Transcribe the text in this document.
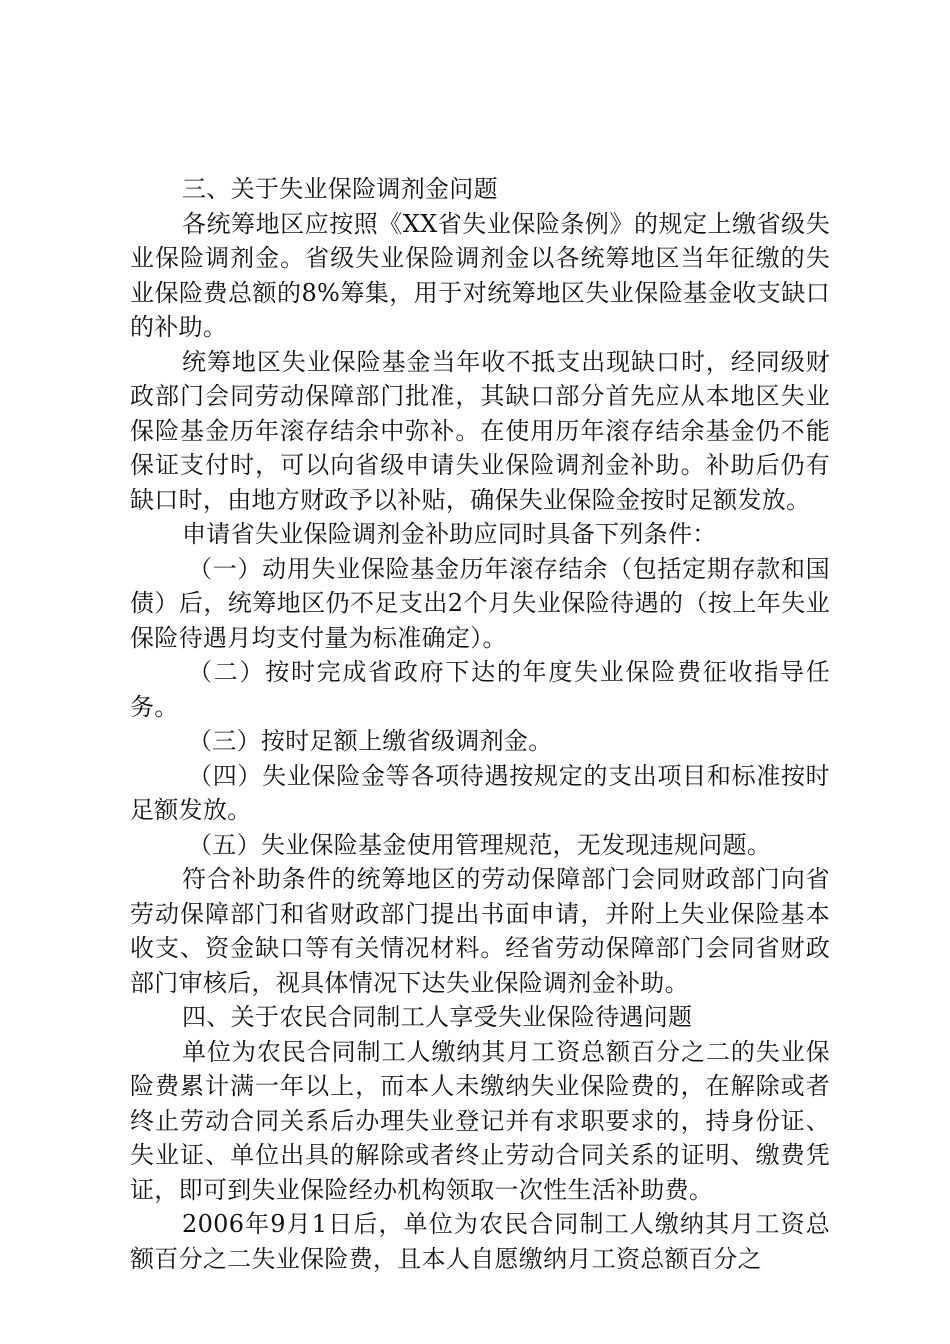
三、关于失业保险调剂金问题

各统筹地区应按照《XX省失业保险条例》的规定上缴省级失业保险调剂金。省级失业保险调剂金以各统筹地区当年征缴的失业保险费总额的8%筹集，用于对统筹地区失业保险基金收支缺口的补助。

统筹地区失业保险基金当年收不抵支出现缺口时，经同级财政部门会同劳动保障部门批准，其缺口部分首先应从本地区失业保险基金历年滚存结余中弥补。在使用历年滚存结余基金仍不能保证支付时，可以向省级申请失业保险调剂金补助。补助后仍有缺口时，由地方财政予以补贴，确保失业保险金按时足额发放。

申请省失业保险调剂金补助应同时具备下列条件：

（一）动用失业保险基金历年滚存结余（包括定期存款和国债）后，统筹地区仍不足支出2个月失业保险待遇的（按上年失业保险待遇月均支付量为标准确定）。

（二）按时完成省政府下达的年度失业保险费征收指导任务。

（三）按时足额上缴省级调剂金。

（四）失业保险金等各项待遇按规定的支出项目和标准按时足额发放。

（五）失业保险基金使用管理规范，无发现违规问题。

符合补助条件的统筹地区的劳动保障部门会同财政部门向省劳动保障部门和省财政部门提出书面申请，并附上失业保险基本收支、资金缺口等有关情况材料。经省劳动保障部门会同省财政部门审核后，视具体情况下达失业保险调剂金补助。

四、关于农民合同制工人享受失业保险待遇问题

单位为农民合同制工人缴纳其月工资总额百分之二的失业保险费累计满一年以上，而本人未缴纳失业保险费的，在解除或者终止劳动合同关系后办理失业登记并有求职要求的，持身份证、失业证、单位出具的解除或者终止劳动合同关系的证明、缴费凭证，即可到失业保险经办机构领取一次性生活补助费。

2006年9月1日后，单位为农民合同制工人缴纳其月工资总额百分之二失业保险费，且本人自愿缴纳月工资总额百分之
